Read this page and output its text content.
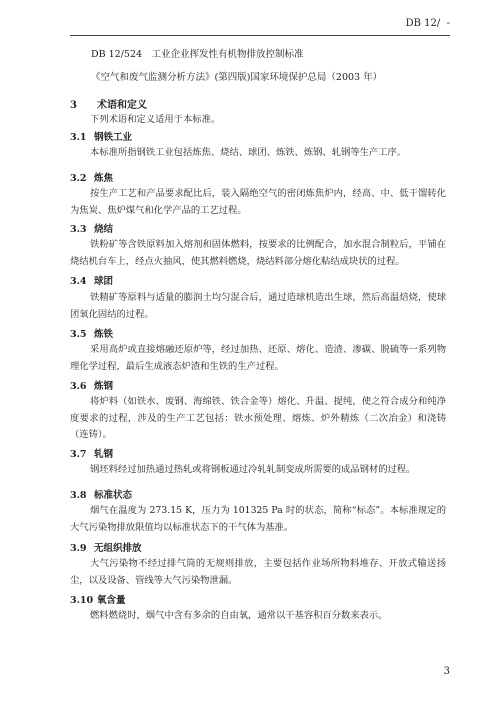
DB 12/  -
DB 12/524　工业企业挥发性有机物排放控制标准
《空气和废气监测分析方法》(第四版)国家环境保护总局（2003 年）
3 术语和定义
下列术语和定义适用于本标准。
3.1 钢铁工业
本标准所指钢铁工业包括炼焦、烧结、球团、炼铁、炼钢、轧钢等生产工序。
3.2 炼焦
按生产工艺和产品要求配比后，装入隔绝空气的密闭炼焦炉内，经高、中、低干馏转化为焦炭、焦炉煤气和化学产品的工艺过程。
3.3 烧结
铁粉矿等含铁原料加入熔剂和固体燃料，按要求的比例配合，加水混合制粒后，平铺在烧结机台车上，经点火抽风，使其燃料燃烧，烧结料部分熔化粘结成块状的过程。
3.4 球团
铁精矿等原料与适量的膨润土均匀混合后，通过造球机造出生球，然后高温焙烧，使球团氧化固结的过程。
3.5 炼铁
采用高炉或直接熔融还原炉等，经过加热、还原、熔化、造渣、渗碳、脱硫等一系列物理化学过程，最后生成液态炉渣和生铁的生产过程。
3.6 炼钢
将炉料（如铁水、废钢、海绵铁、铁合金等）熔化、升温、提纯，使之符合成分和纯净度要求的过程，涉及的生产工艺包括：铁水预处理、熔炼、炉外精炼（二次冶金）和浇铸（连铸）。
3.7 轧钢
钢坯料经过加热通过热轧或将钢板通过冷轧轧制变成所需要的成品钢材的过程。
3.8 标准状态
烟气在温度为 273.15 K，压力为 101325 Pa 时的状态，简称“标态”。本标准规定的大气污染物排放限值均以标准状态下的干气体为基准。
3.9 无组织排放
大气污染物不经过排气筒的无规则排放，主要包括作业场所物料堆存、开放式输送扬尘，以及设备、管线等大气污染物泄漏。
3.10 氧含量
燃料燃烧时，烟气中含有多余的自由氧，通常以干基容积百分数来表示。
3
